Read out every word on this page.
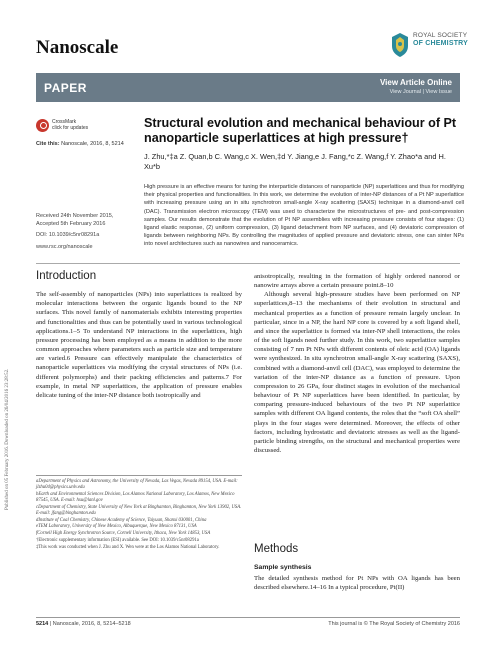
Nanoscale
ROYAL SOCIETY
OF CHEMISTRY
PAPER	View Article Online
View Journal | View Issue
Published on 05 February 2016. Downloaded on 26/04/2016 23:28:52.
CrossMark
click for updates
Cite this: Nanoscale, 2016, 8, 5214
Structural evolution and mechanical behaviour of Pt nanoparticle superlattices at high pressure†
J. Zhu,*‡a Z. Quan,b C. Wang,c X. Wen,‡d Y. Jiang,e J. Fang,*c Z. Wang,f Y. Zhao*a and H. Xu*b
High pressure is an effective means for tuning the interparticle distances of nanoparticle (NP) superlattices and thus for modifying their physical properties and functionalities. In this work, we determine the evolution of inter-NP distances of a Pt NP superlattice with increasing pressure using an in situ synchrotron small-angle X-ray scattering (SAXS) technique in a diamond-anvil cell (DAC). Transmission electron microscopy (TEM) was used to characterize the microstructures of pre- and post-compression samples. Our results demonstrate that the evolution of Pt NP assemblies with increasing pressure consists of four stages: (1) ligand elastic response, (2) uniform compression, (3) ligand detachment from NP surfaces, and (4) deviatoric compression of ligands between neighboring NPs. By controlling the magnitudes of applied pressure and deviatoric stress, one can sinter NPs into novel architectures such as nanowires and nanoceramics.
Received 24th November 2015,
Accepted 5th February 2016
DOI: 10.1039/c5nr08291a
www.rsc.org/nanoscale
Introduction

The self-assembly of nanoparticles (NPs) into superlattices is realized by molecular interactions between the organic ligands bound to the NP surfaces. This novel family of nanomaterials exhibits interesting properties and functionalities and thus can be potentially used in various technological applications.1–5 To understand NP interactions in the superlattices, high pressure processing has been employed as a means in addition to the more common approaches where parameters such as particle size and temperature are varied.6 Pressure can effectively manipulate the characteristics of nanoparticle superlattices via modifying the crystal structures of NPs (i.e. different polymorphs) and their packing efficiencies and patterns.7 For example, in metal NP superlattices, the application of pressure enables delicate tuning of the inter-NP distance both isotropically and

anisotropically, resulting in the formation of highly ordered nanorod or nanowire arrays above a certain pressure point.8–10

Although several high-pressure studies have been performed on NP superlattices,8–13 the mechanisms of their evolution in structural and mechanical properties as a function of pressure remain largely unclear. In particular, since in a NP, the hard NP core is covered by a soft ligand shell, and since the superlattice is formed via inter-NP shell interactions, the roles of the soft ligands need further study. In this work, two superlattice samples consisting of 7 nm Pt NPs with different contents of oleic acid (OA) ligands were synthesized. In situ synchrotron small-angle X-ray scattering (SAXS), combined with a diamond-anvil cell (DAC), was employed to determine the variation of the inter-NP distance as a function of pressure. Upon compression to 26 GPa, four distinct stages in evolution of the mechanical behaviour of Pt NP superlattices have been identified. In particular, by comparing pressure-induced behaviours of the two Pt NP superlattice samples with different OA ligand contents, the roles that the “soft OA shell” plays in the four stages were determined. Moreover, the effects of other factors, including hydrostatic and deviatoric stresses as well as the ligand-particle binding strengths, on the structural and mechanical properties were discussed.

aDepartment of Physics and Astronomy, the University of Nevada, Las Vegas, Nevada 89154, USA. E-mail: jlzhu04@physics.unlv.edu

bEarth and Environmental Sciences Division, Los Alamos National Laboratory, Los Alamos, New Mexico 87545, USA. E-mail: hxu@lanl.gov

cDepartment of Chemistry, State University of New York at Binghamton, Binghamton, New York 13902, USA. E-mail: jfang@binghamton.edu

dInstitute of Coal Chemistry, Chinese Academy of Science, Taiyuan, Shanxi 030001, China

eTEM Laboratory, University of New Mexico, Albuquerque, New Mexico 87131, USA

fCornell High Energy Synchrotron Source, Cornell University, Ithaca, New York 14853, USA

†Electronic supplementary information (ESI) available. See DOI: 10.1039/c5nr08291a

‡This work was conducted when J. Zhu and X. Wen were at the Los Alamos National Laboratory.	Methods
Sample synthesis

The detailed synthesis method for Pt NPs with OA ligands has been described elsewhere.14–16 In a typical procedure, Pt(II)

5214 | Nanoscale, 2016, 8, 5214–5218	This journal is © The Royal Society of Chemistry 2016
